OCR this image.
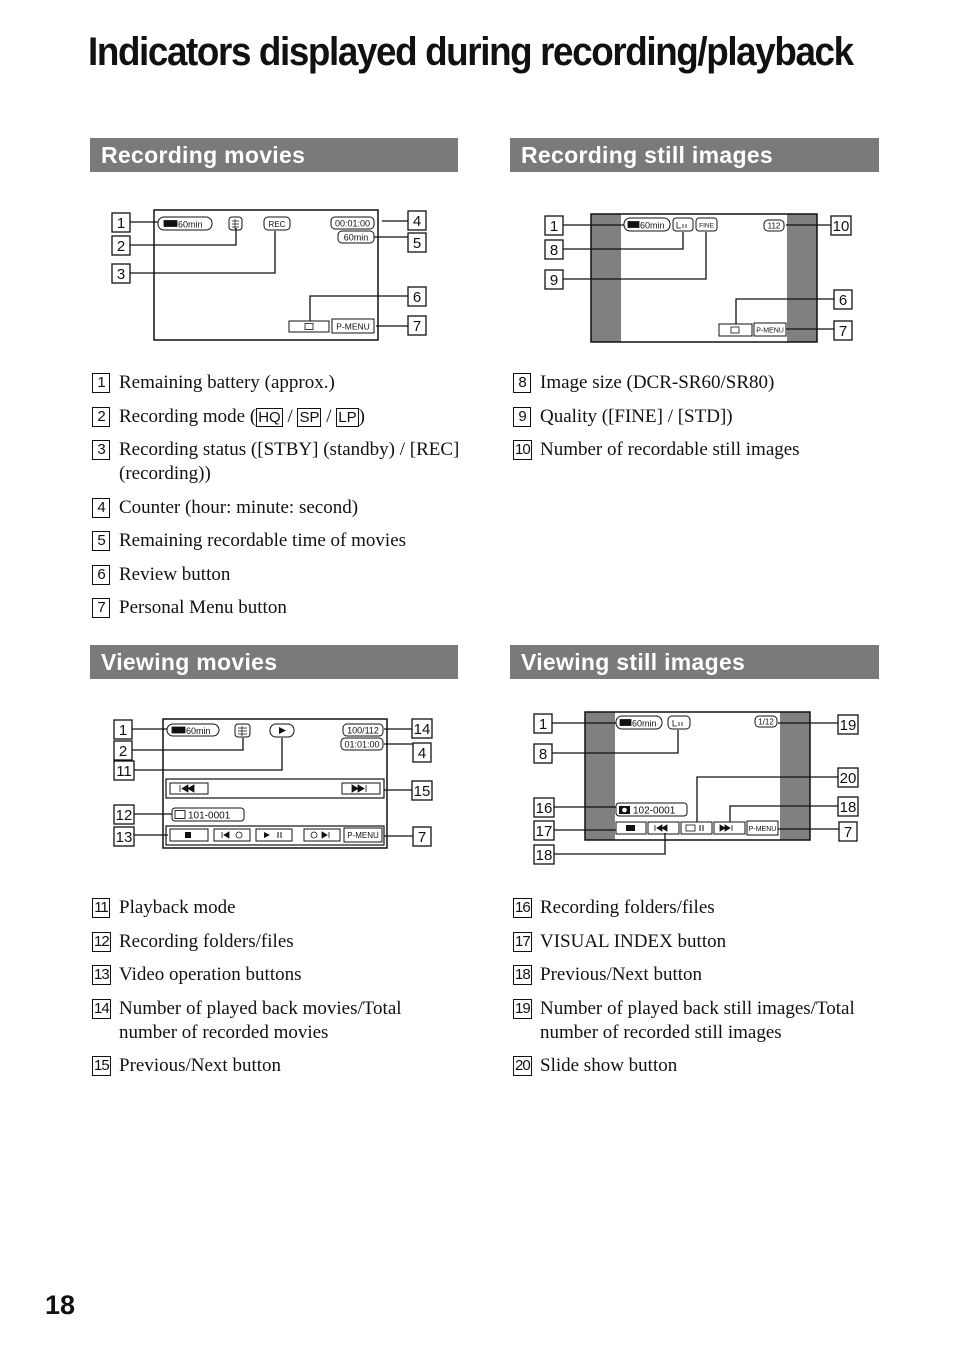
Indicators displayed during recording/playback
Recording movies
1
2
3
4
5
6
7
60min	REC	00:01:00
60min
P-MENU
1 Remaining battery (approx.)
2 Recording mode ( HQ / SP / LP )
3 Recording status ([STBY] (standby) / [REC] (recording))
4 Counter (hour: minute: second)
5 Remaining recordable time of movies
6 Review button
7 Personal Menu button
Recording still images
1
8
9
10
6
7
60min	FINE	112
P-MENU
8 Image size (DCR-SR60/SR80)
9 Quality ([FINE] / [STD])
10 Number of recordable still images
Viewing movies
1
2
11
12
13
14
4
15
7
60min	100/112
01:01:00
101-0001
P-MENU
11 Playback mode
12 Recording folders/files
13 Video operation buttons
14 Number of played back movies/Total number of recorded movies
15 Previous/Next button
Viewing still images
1
8
16
17
18
19
20
18
7
60min	1/12
102-0001
P-MENU
16 Recording folders/files
17 VISUAL INDEX button
18 Previous/Next button
19 Number of played back still images/Total number of recorded still images
20 Slide show button
18
